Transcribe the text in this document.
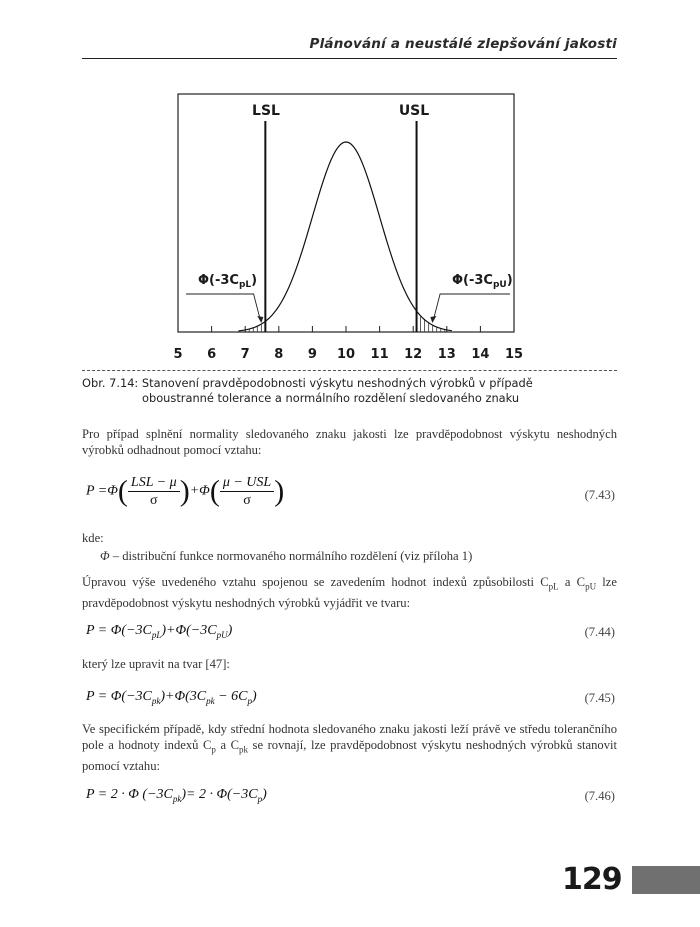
Plánování a neustálé zlepšování jakosti
5 6 7 8 9 10 11 12 13 14 15
LSL	USL
$\Phi(-3C_{pL})$	$\Phi(-3C_{pU})$
Obr. 7.14: Stanovení pravděpodobnosti výskytu neshodných výrobků v případě
oboustranné tolerance a normálního rozdělení sledovaného znaku
Pro případ splnění normality sledovaného znaku jakosti lze pravděpodobnost výskytu neshodných výrobků odhadnout pomocí vztahu:
$P =\Phi( \frac{\text{LSL − μ}}{\sigma} )+\Phi( \frac{\text{μ − USL}}{\sigma}$ )	(7.43)
kde:
Φ – distribuční funkce normovaného normálního rozdělení (viz příloha 1)
Úpravou výše uvedeného vztahu spojenou se zavedením hodnot indexů způsobilosti $C_{pL}$ a $C_{pU}$ lze pravděpodobnost výskytu neshodných výrobků vyjádřit ve tvaru:
$P = \Phi(-3C_{pL})+\Phi(-3C_{pU})$	(7.44)
který lze upravit na tvar [47]:
$P = \Phi(-3C_{pk})+\Phi(3C_{pk} - 6C_p)$	(7.45)
Ve specifickém případě, kdy střední hodnota sledovaného znaku jakosti leží právě ve středu tolerančního pole a hodnoty indexů $C_p$ a $C_{pk}$ se rovnají, lze pravděpodobnost výskytu neshodných výrobků stanovit pomocí vztahu:
P = 2 · Φ $(-3C_{pk})= 2 \cdot \Phi(-3C_p)$	(7.46)
129
